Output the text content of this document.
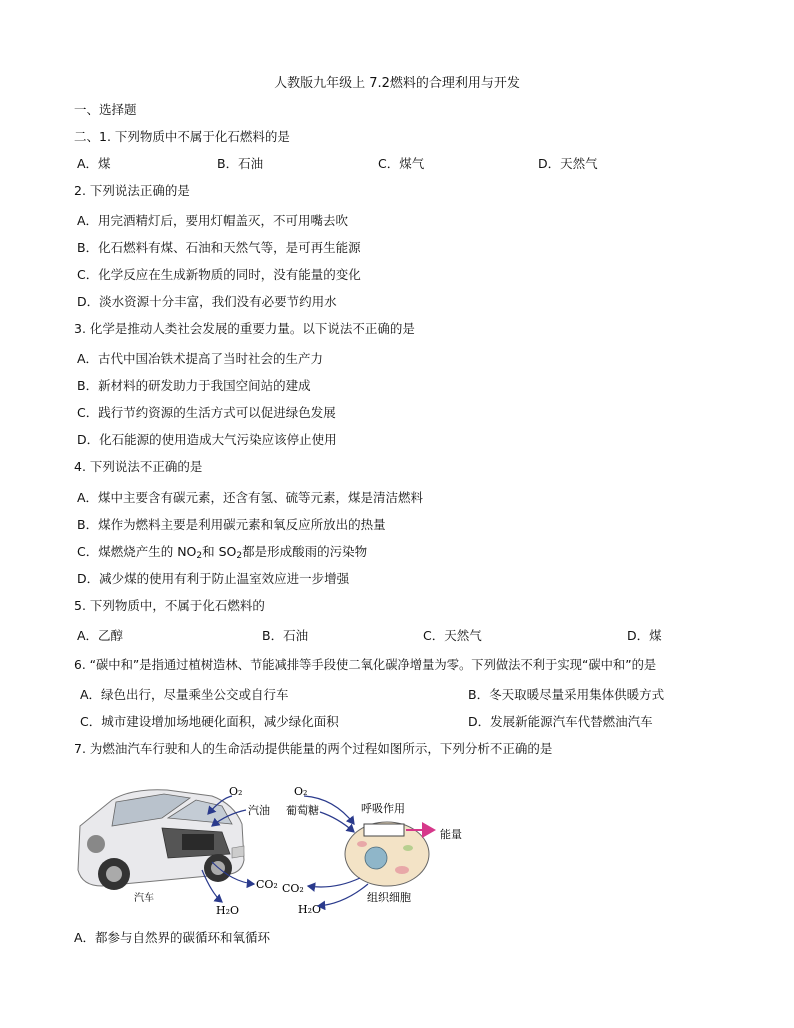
人教版九年级上 7.2燃料的合理利用与开发
一、选择题
二、1. 下列物质中不属于化石燃料的是
A．煤	B．石油	C．煤气	D．天然气
2. 下列说法正确的是
A．用完酒精灯后，要用灯帽盖灭，不可用嘴去吹
B．化石燃料有煤、石油和天然气等，是可再生能源
C．化学反应在生成新物质的同时，没有能量的变化
D．淡水资源十分丰富，我们没有必要节约用水
3. 化学是推动人类社会发展的重要力量。以下说法不正确的是
A．古代中国冶铁术提高了当时社会的生产力
B．新材料的研发助力于我国空间站的建成
C．践行节约资源的生活方式可以促进绿色发展
D．化石能源的使用造成大气污染应该停止使用
4. 下列说法不正确的是
A．煤中主要含有碳元素，还含有氢、硫等元素，煤是清洁燃料
B．煤作为燃料主要是利用碳元素和氧反应所放出的热量
C．煤燃烧产生的 $NO_2$和 $SO_2$都是形成酸雨的污染物
D．减少煤的使用有利于防止温室效应进一步增强
5. 下列物质中，不属于化石燃料的
A．乙醇	B．石油	C．天然气	D．煤
6. “碳中和”是指通过植树造林、节能减排等手段使二氧化碳净增量为零。下列做法不利于实现“碳中和”的是
A．绿色出行，尽量乘坐公交或自行车	B．冬天取暖尽量采用集体供暖方式
C．城市建设增加场地硬化面积，减少绿化面积	D．发展新能源汽车代替燃油汽车
7. 为燃油汽车行驶和人的生命活动提供能量的两个过程如图所示，下列分析不正确的是
O₂
汽油
汽车
CO₂
H₂O
O₂
葡萄糖	呼吸作用
能量
CO₂
组织细胞
H₂O
A．都参与自然界的碳循环和氧循环
